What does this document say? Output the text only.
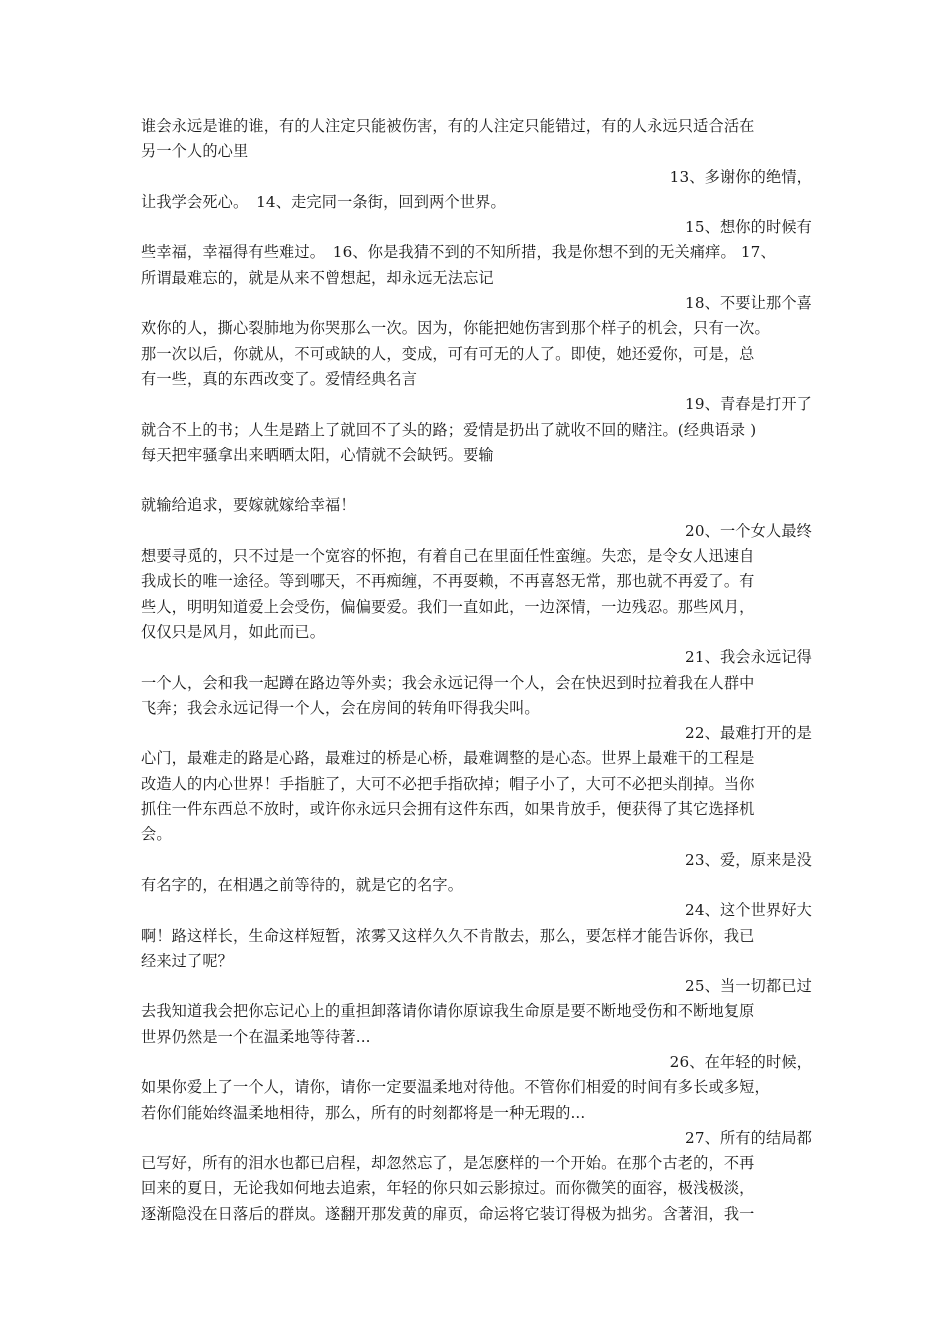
谁会永远是谁的谁，有的人注定只能被伤害，有的人注定只能错过，有的人永远只适合活在
另一个人的心里
13、多谢你的绝情，
让我学会死心。　14、走完同一条街，回到两个世界。
15、想你的时候有
些幸福，幸福得有些难过。　16、你是我猜不到的不知所措，我是你想不到的无关痛痒。 17、
所谓最难忘的，就是从来不曾想起，却永远无法忘记
18、不要让那个喜
欢你的人，撕心裂肺地为你哭那么一次。因为，你能把她伤害到那个样子的机会，只有一次。
那一次以后，你就从，不可或缺的人，变成，可有可无的人了。即使，她还爱你，可是，总
有一些，真的东西改变了。爱情经典名言
19、青春是打开了
就合不上的书；人生是踏上了就回不了头的路；爱情是扔出了就收不回的赌注。(经典语录 )
每天把牢骚拿出来晒晒太阳，心情就不会缺钙。要输
就输给追求，要嫁就嫁给幸福！
20、一个女人最终
想要寻觅的，只不过是一个宽容的怀抱，有着自己在里面任性蛮缠。失恋，是令女人迅速自
我成长的唯一途径。等到哪天，不再痴缠，不再耍赖，不再喜怒无常，那也就不再爱了。有
些人，明明知道爱上会受伤，偏偏要爱。我们一直如此，一边深情，一边残忍。那些风月，
仅仅只是风月，如此而已。
21、我会永远记得
一个人，会和我一起蹲在路边等外卖；我会永远记得一个人，会在快迟到时拉着我在人群中
飞奔；我会永远记得一个人，会在房间的转角吓得我尖叫。
22、最难打开的是
心门，最难走的路是心路，最难过的桥是心桥，最难调整的是心态。世界上最难干的工程是
改造人的内心世界！手指脏了，大可不必把手指砍掉；帽子小了，大可不必把头削掉。当你
抓住一件东西总不放时，或许你永远只会拥有这件东西，如果肯放手，便获得了其它选择机
会。
23、爱，原来是没
有名字的，在相遇之前等待的，就是它的名字。
24、这个世界好大
啊！路这样长，生命这样短暂，浓雾又这样久久不肯散去，那么，要怎样才能告诉你，我已
经来过了呢？
25、当一切都已过
去我知道我会把你忘记心上的重担卸落请你请你原谅我生命原是要不断地受伤和不断地复原
世界仍然是一个在温柔地等待著...
26、在年轻的时候，
如果你爱上了一个人，请你，请你一定要温柔地对待他。不管你们相爱的时间有多长或多短，
若你们能始终温柔地相待，那么，所有的时刻都将是一种无瑕的...
27、所有的结局都
已写好，所有的泪水也都已启程，却忽然忘了，是怎麽样的一个开始。在那个古老的，不再
回来的夏日，无论我如何地去追索，年轻的你只如云影掠过。而你微笑的面容，极浅极淡，
逐渐隐没在日落后的群岚。遂翻开那发黄的扉页，命运将它装订得极为拙劣。含著泪，我一
